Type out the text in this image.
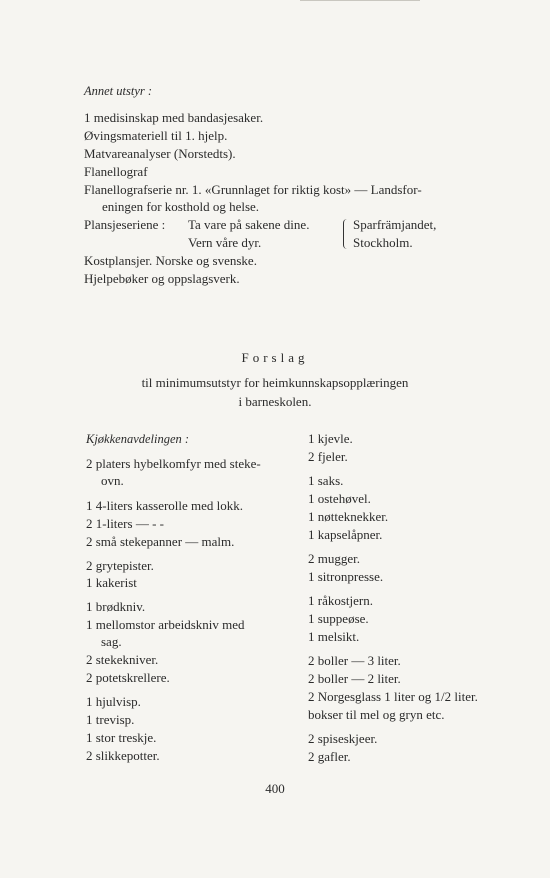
Annet utstyr :
1 medisinskap med bandasjesaker.
Øvingsmateriell til 1. hjelp.
Matvareanalyser (Norstedts).
Flanellograf
Flanellografserie nr. 1. «Grunnlaget for riktig kost» — Landsfor-
eningen for kosthold og helse.
Plansjeseriene : Ta vare på sakene dine.
Vern våre dyr.
Sparfrämjandet,
Stockholm.
Kostplansjer. Norske og svenske.
Hjelpebøker og oppslagsverk.
Forslag
til minimumsutstyr for heimkunnskapsopplæringen
i barneskolen.
Kjøkkenavdelingen :
2 platers hybelkomfyr med steke-
ovn.
1 4-liters kasserolle med lokk.
2 1-liters — - -
2 små stekepanner — malm.
2 grytepister.
1 kakerist
1 brødkniv.
1 mellomstor arbeidskniv med
sag.
2 stekekniver.
2 potetskrellere.
1 hjulvisp.
1 trevisp.
1 stor treskje.
2 slikkepotter.
1 kjevle.
2 fjeler.
1 saks.
1 ostehøvel.
1 nøtteknekker.
1 kapselåpner.
2 mugger.
1 sitronpresse.
1 råkostjern.
1 suppeøse.
1 melsikt.
2 boller — 3 liter.
2 boller — 2 liter.
2 Norgesglass 1 liter og 1/2 liter.
bokser til mel og gryn etc.
2 spiseskjeer.
2 gafler.
400
